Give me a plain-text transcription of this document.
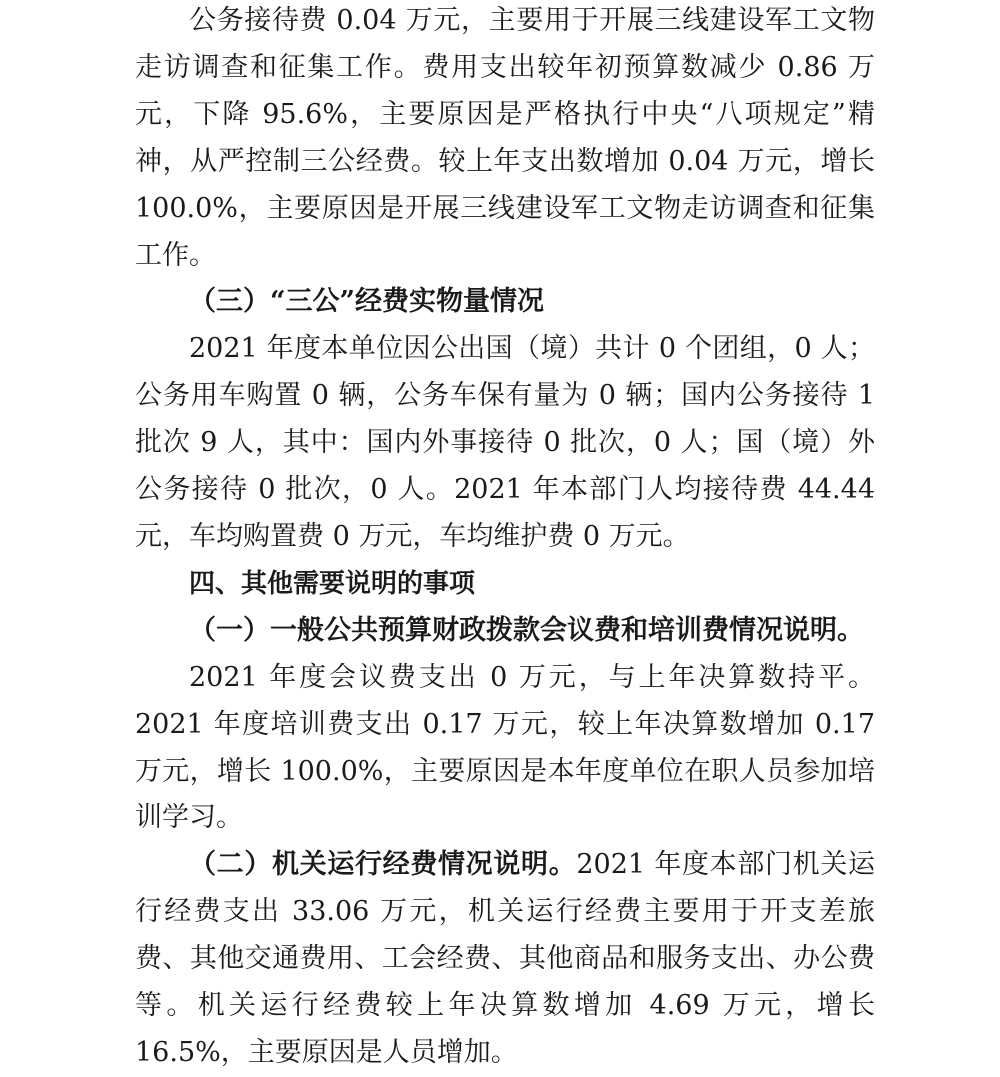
公务接待费 0.04 万元，主要用于开展三线建设军工文物走访调查和征集工作。费用支出较年初预算数减少 0.86 万元，下降 95.6%，主要原因是严格执行中央“八项规定”精神，从严控制三公经费。较上年支出数增加 0.04 万元，增长 100.0%，主要原因是开展三线建设军工文物走访调查和征集工作。

（三）“三公”经费实物量情况

2021 年度本单位因公出国（境）共计 0 个团组，0 人；公务用车购置 0 辆，公务车保有量为 0 辆；国内公务接待 1 批次 9 人，其中：国内外事接待 0 批次，0 人；国（境）外公务接待 0 批次，0 人。2021 年本部门人均接待费 44.44 元，车均购置费 0 万元，车均维护费 0 万元。

四、其他需要说明的事项

（一）一般公共预算财政拨款会议费和培训费情况说明。

2021 年度会议费支出 0 万元，与上年决算数持平。2021 年度培训费支出 0.17 万元，较上年决算数增加 0.17 万元，增长 100.0%，主要原因是本年度单位在职人员参加培训学习。

（二）机关运行经费情况说明。2021 年度本部门机关运行经费支出 33.06 万元，机关运行经费主要用于开支差旅费、其他交通费用、工会经费、其他商品和服务支出、办公费等。机关运行经费较上年决算数增加 4.69 万元，增长 16.5%，主要原因是人员增加。
